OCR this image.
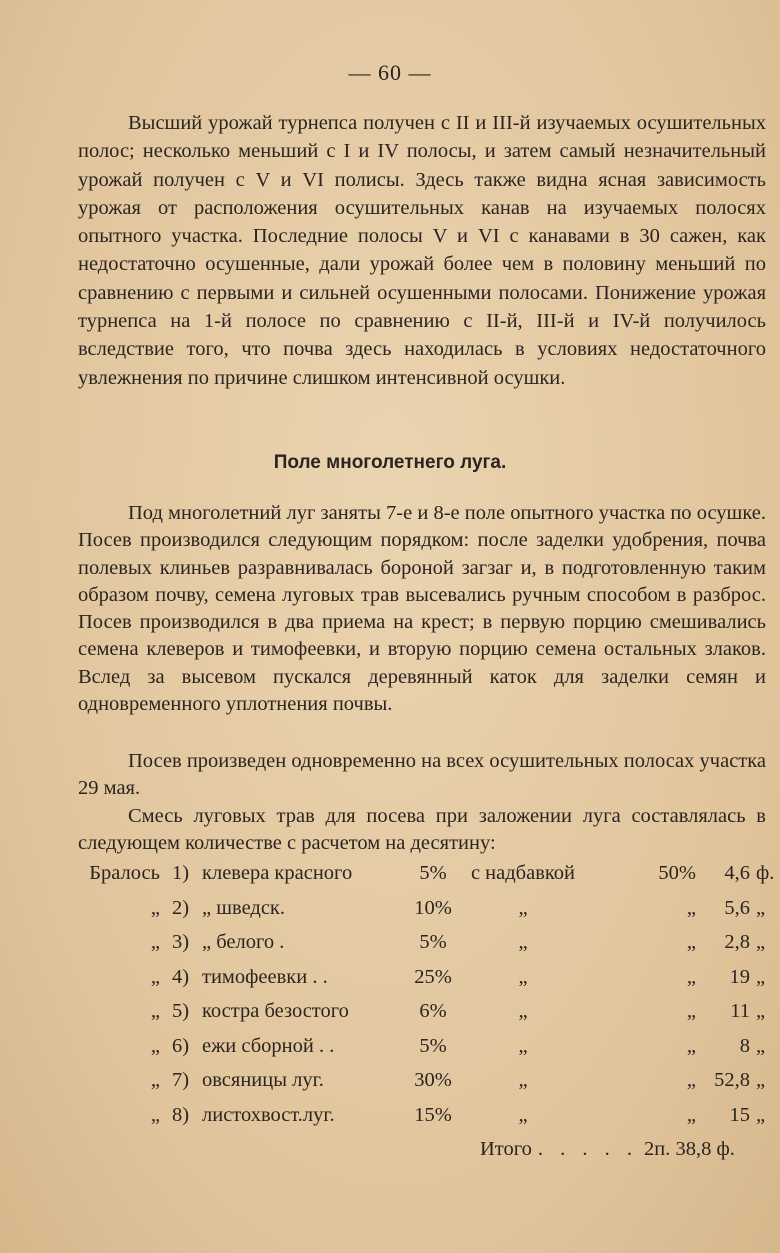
— 60 —
Высший урожай турнепса получен с II и III-й изучаемых осушительных полос; несколько меньший с I и IV полосы, и затем самый незначительный урожай получен с V и VI полисы. Здесь также видна ясная зависимость урожая от расположения осушительных канав на изучаемых полосях опытного участка. Последние полосы V и VI с канавами в 30 сажен, как недостаточно осушенные, дали урожай более чем в половину меньший по сравнению с первыми и сильней осушенными полосами. Понижение урожая турнепса на 1-й полосе по сравнению с II-й, III-й и IV-й получилось вследствие того, что почва здесь находилась в условиях недостаточного увлежнения по причине слишком интенсивной осушки.
Поле многолетнего луга.
Под многолетний луг заняты 7-е и 8-е поле опытного участка по осушке. Посев производился следующим порядком: после заделки удобрения, почва полевых клиньев разравнивалась бороной загзаг и, в подготовленную таким образом почву, семена луговых трав высевались ручным способом в разброс. Посев производился в два приема на крест; в первую порцию смешивались семена клеверов и тимофеевки, и вторую порцию семена остальных злаков. Вслед за высевом пускался деревянный каток для заделки семян и одновременного уплотнения почвы.
Посев произведен одновременно на всех осушительных полосах участка 29 мая.
Смесь луговых трав для посева при заложении луга составлялась в следующем количестве с расчетом на десятину:
Бралось 1) клевера красного	5%	с надбавкой	50%	4,6 ф.
„ 2) „ шведск.	10%	„	„	5,6 „
„ 3) „ белого .	5%	„	„	2,8 „
„ 4) тимофеевки . .	25%	„	„	19 „
„ 5) костра безостого	6%	„	„	11 „
„ 6) ежи сборной . .	5%	„	„	8 „
„ 7) овсяницы луг.	30%	„	„ 52,8 „
„ 8) листохвост.луг.	15%	„	„	15 „
Итого . . . . . 2п. 38,8 ф.
